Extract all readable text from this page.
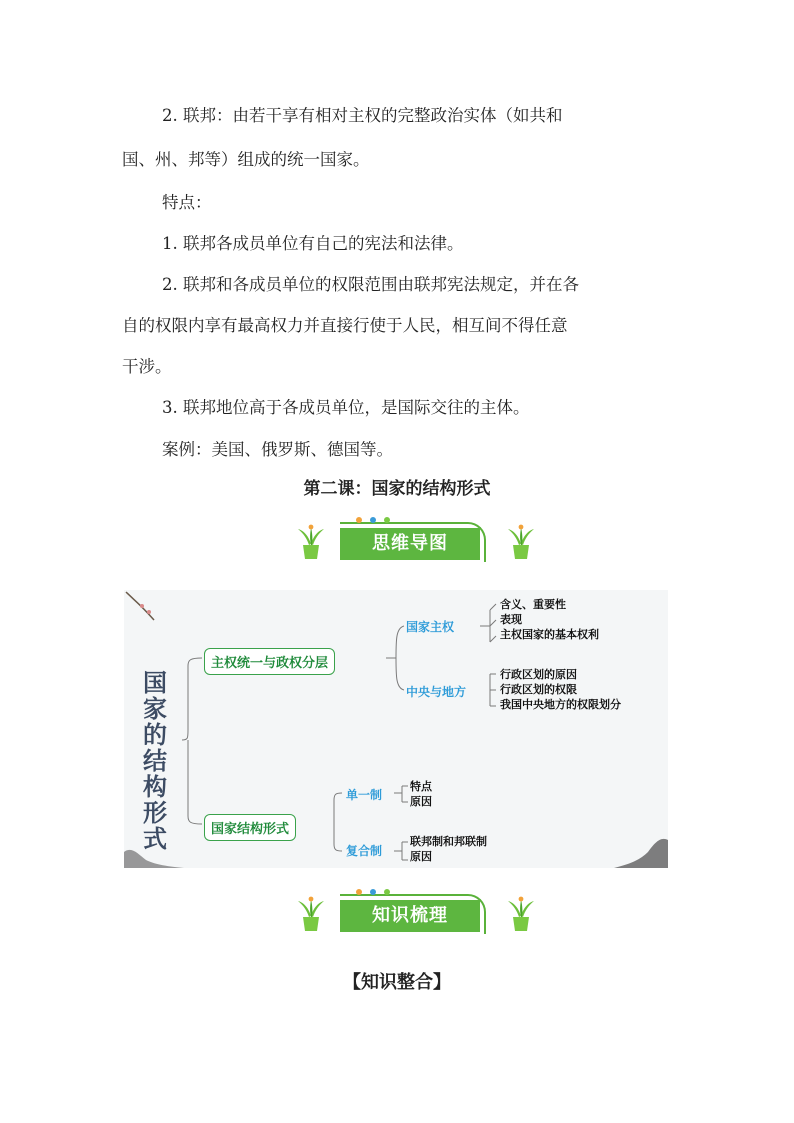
2. 联邦：由若干享有相对主权的完整政治实体（如共和
国、州、邦等）组成的统一国家。
特点：
1. 联邦各成员单位有自己的宪法和法律。
2. 联邦和各成员单位的权限范围由联邦宪法规定，并在各
自的权限内享有最高权力并直接行使于人民，相互间不得任意
干涉。
3. 联邦地位高于各成员单位，是国际交往的主体。
案例：美国、俄罗斯、德国等。
第二课：国家的结构形式
思维导图
国家的结构形式
主权统一与政权分层
国家主权
含义、重要性
表现
主权国家的基本权利
中央与地方
行政区划的原因
行政区划的权限
我国中央地方的权限划分
国家结构形式
单一制
特点
原因
复合制
联邦制和邦联制
原因
知识梳理
【知识整合】
